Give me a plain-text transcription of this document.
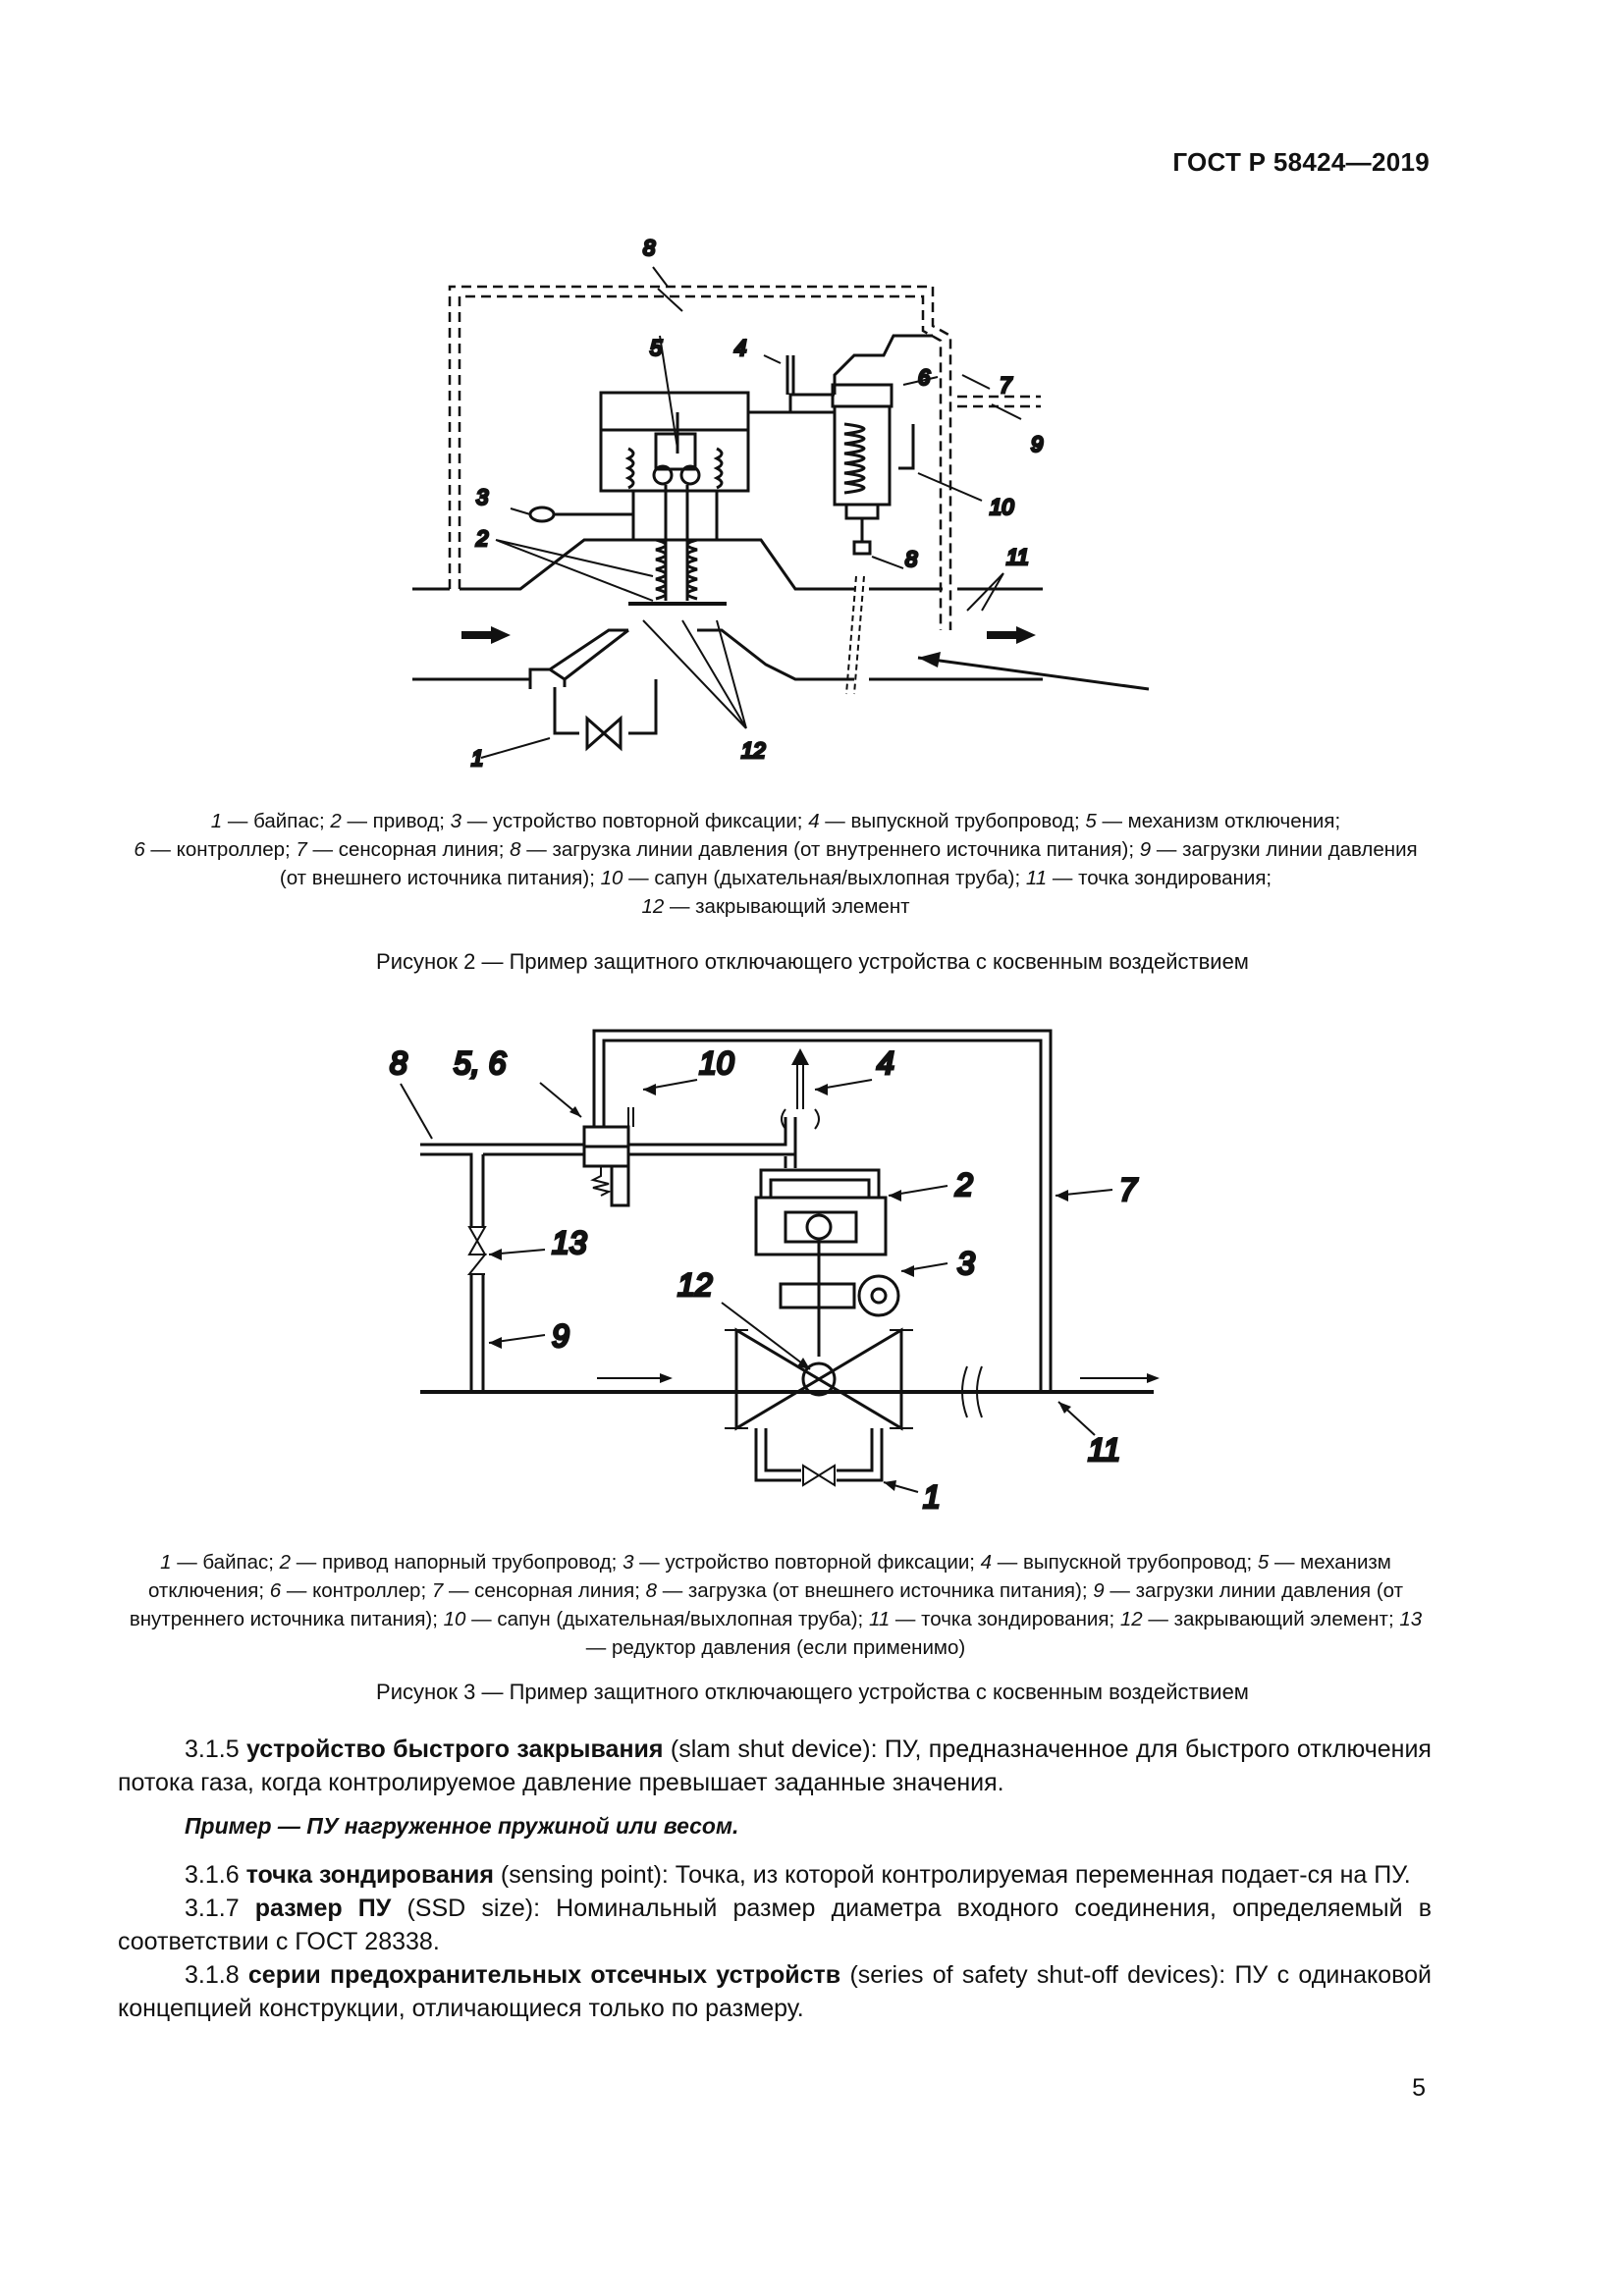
ГОСТ Р 58424—2019
8
5	4
6	7
9
10
3
2
11
8
12
1
1 — байпас; 2 — привод; 3 — устройство повторной фиксации; 4 — выпускной трубопровод; 5 — механизм отключения;
6 — контроллер; 7 — сенсорная линия; 8 — загрузка линии давления (от внутреннего источника питания); 9 — загрузки линии давления (от внешнего источника питания); 10 — сапун (дыхательная/выхлопная труба); 11 — точка зондирования;
12 — закрывающий элемент
Рисунок 2 — Пример защитного отключающего устройства с косвенным воздействием
8 5, 6	10	4
2	7
13
3
12
9
11
1
1 — байпас; 2 — привод напорный трубопровод; 3 — устройство повторной фиксации; 4 — выпускной трубопровод; 5 — механизм отключения; 6 — контроллер; 7 — сенсорная линия; 8 — загрузка (от внешнего источника питания); 9 — загрузки линии давления (от внутреннего источника питания); 10 — сапун (дыхательная/выхлопная труба); 11 — точка зондирования; 12 — закрывающий элемент; 13 — редуктор давления (если применимо)
Рисунок 3 — Пример защитного отключающего устройства с косвенным воздействием

3.1.5 устройство быстрого закрывания (slam shut device): ПУ, предназначенное для быстрого отключения потока газа, когда контролируемое давление превышает заданные значения.

Пример — ПУ нагруженное пружиной или весом.

3.1.6 точка зондирования (sensing point): Точка, из которой контролируемая переменная подает-ся на ПУ.

3.1.7 размер ПУ (SSD size): Номинальный размер диаметра входного соединения, определяемый в соответствии с ГОСТ 28338.

3.1.8 серии предохранительных отсечных устройств (series of safety shut-off devices): ПУ с одинаковой концепцией конструкции, отличающиеся только по размеру.

5
